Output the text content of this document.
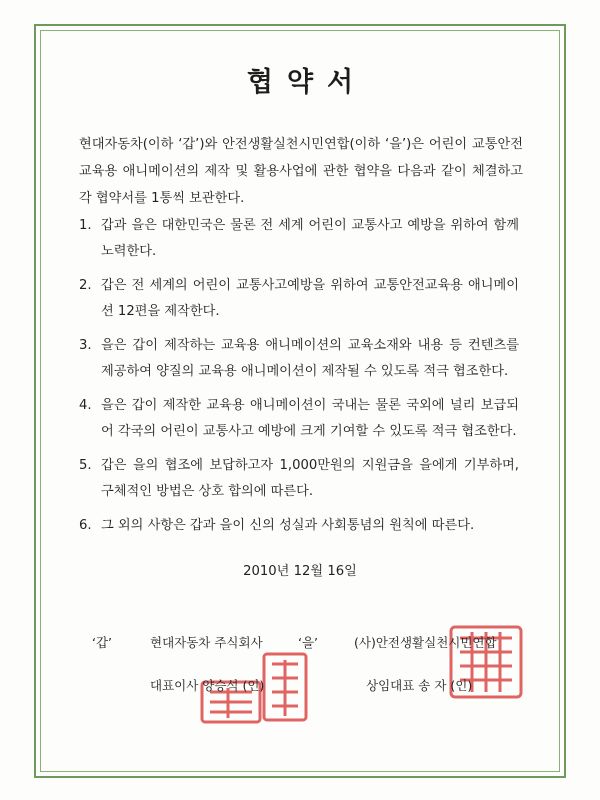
협약서
현대자동차(이하 ‘갑’)와 안전생활실천시민연합(이하 ‘을’)은 어린이 교통안전 교육용 애니메이션의 제작 및 활용사업에 관한 협약을 다음과 같이 체결하고 각 협약서를 1통씩 보관한다.
1. 갑과 을은 대한민국은 물론 전 세계 어린이 교통사고 예방을 위하여 함께 노력한다.
2. 갑은 전 세계의 어린이 교통사고예방을 위하여 교통안전교육용 애니메이션 12편을 제작한다.
3. 을은 갑이 제작하는 교육용 애니메이션의 교육소재와 내용 등 컨텐츠를 제공하여 양질의 교육용 애니메이션이 제작될 수 있도록 적극 협조한다.
4. 을은 갑이 제작한 교육용 애니메이션이 국내는 물론 국외에 널리 보급되어 각국의 어린이 교통사고 예방에 크게 기여할 수 있도록 적극 협조한다.
5. 갑은 을의 협조에 보답하고자 1,000만원의 지원금을 을에게 기부하며, 구체적인 방법은 상호 합의에 따른다.
6. 그 외의 사항은 갑과 을이 신의 성실과 사회통념의 원칙에 따른다.
2010년 12월 16일
‘갑’	현대자동차 주식회사	‘을’	(사)안전생활실천시민연합
대표이사 양승석 (인)	상임대표 송 자 (인)
